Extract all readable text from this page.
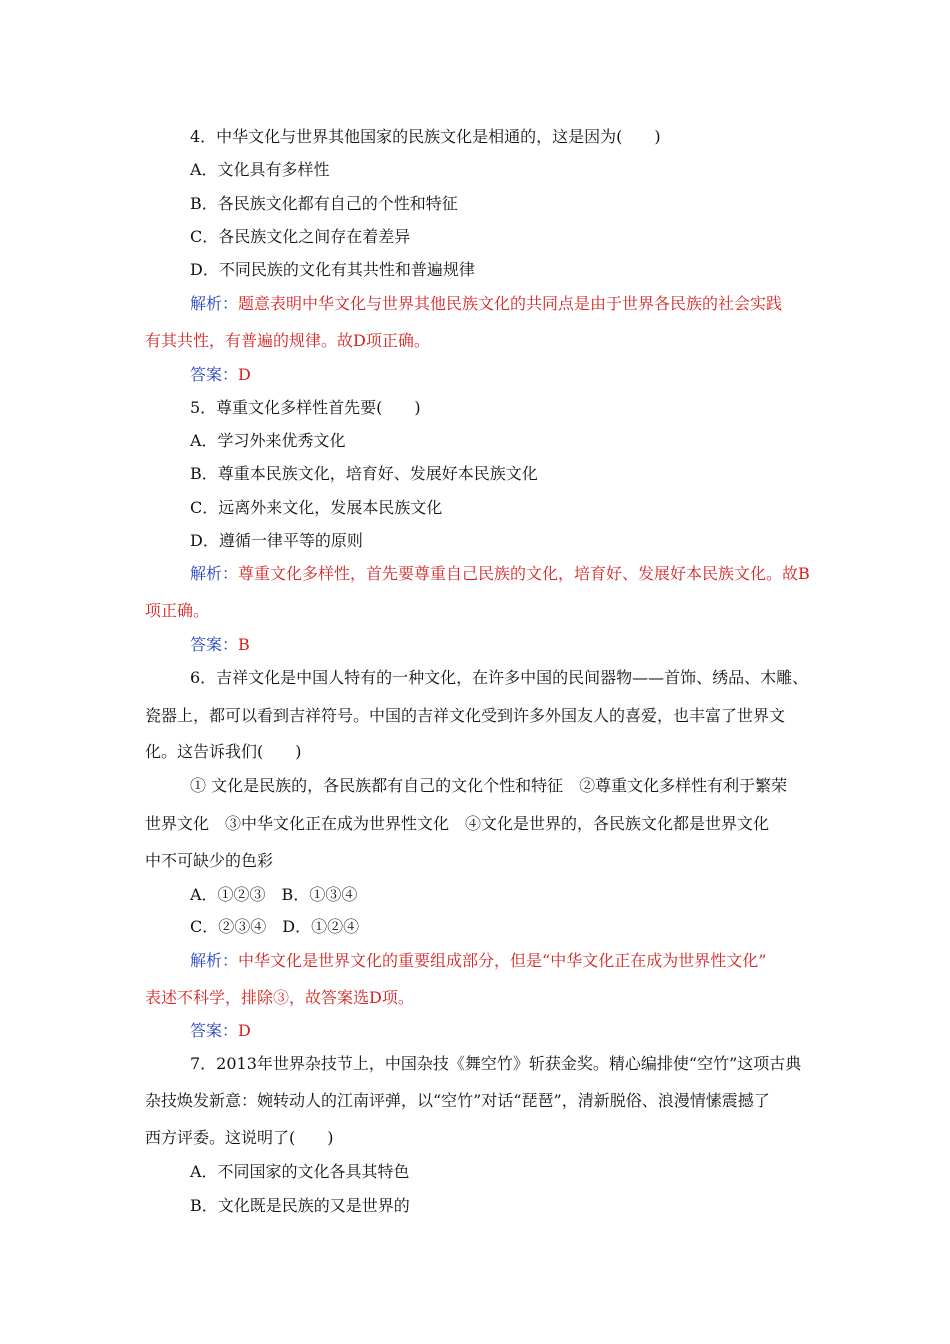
4．中华文化与世界其他国家的民族文化是相通的，这是因为(　　)
A．文化具有多样性
B．各民族文化都有自己的个性和特征
C．各民族文化之间存在着差异
D．不同民族的文化有其共性和普遍规律
解析：题意表明中华文化与世界其他民族文化的共同点是由于世界各民族的社会实践
有其共性，有普遍的规律。故D项正确。
答案：D
5．尊重文化多样性首先要(　　)
A．学习外来优秀文化
B．尊重本民族文化，培育好、发展好本民族文化
C．远离外来文化，发展本民族文化
D．遵循一律平等的原则
解析：尊重文化多样性，首先要尊重自己民族的文化，培育好、发展好本民族文化。故B
项正确。
答案：B
6．吉祥文化是中国人特有的一种文化，在许多中国的民间器物——首饰、绣品、木雕、
瓷器上，都可以看到吉祥符号。中国的吉祥文化受到许多外国友人的喜爱，也丰富了世界文
化。这告诉我们(　　)
① 文化是民族的，各民族都有自己的文化个性和特征　②尊重文化多样性有利于繁荣
世界文化　③中华文化正在成为世界性文化　④文化是世界的，各民族文化都是世界文化
中不可缺少的色彩
A．①②③　B．①③④
C．②③④　D．①②④
解析：中华文化是世界文化的重要组成部分，但是“中华文化正在成为世界性文化”
表述不科学，排除③，故答案选D项。
答案：D
7．2013年世界杂技节上，中国杂技《舞空竹》斩获金奖。精心编排使“空竹”这项古典
杂技焕发新意：婉转动人的江南评弹，以“空竹”对话“琵琶”，清新脱俗、浪漫情愫震撼了
西方评委。这说明了(　　)
A．不同国家的文化各具其特色
B．文化既是民族的又是世界的
